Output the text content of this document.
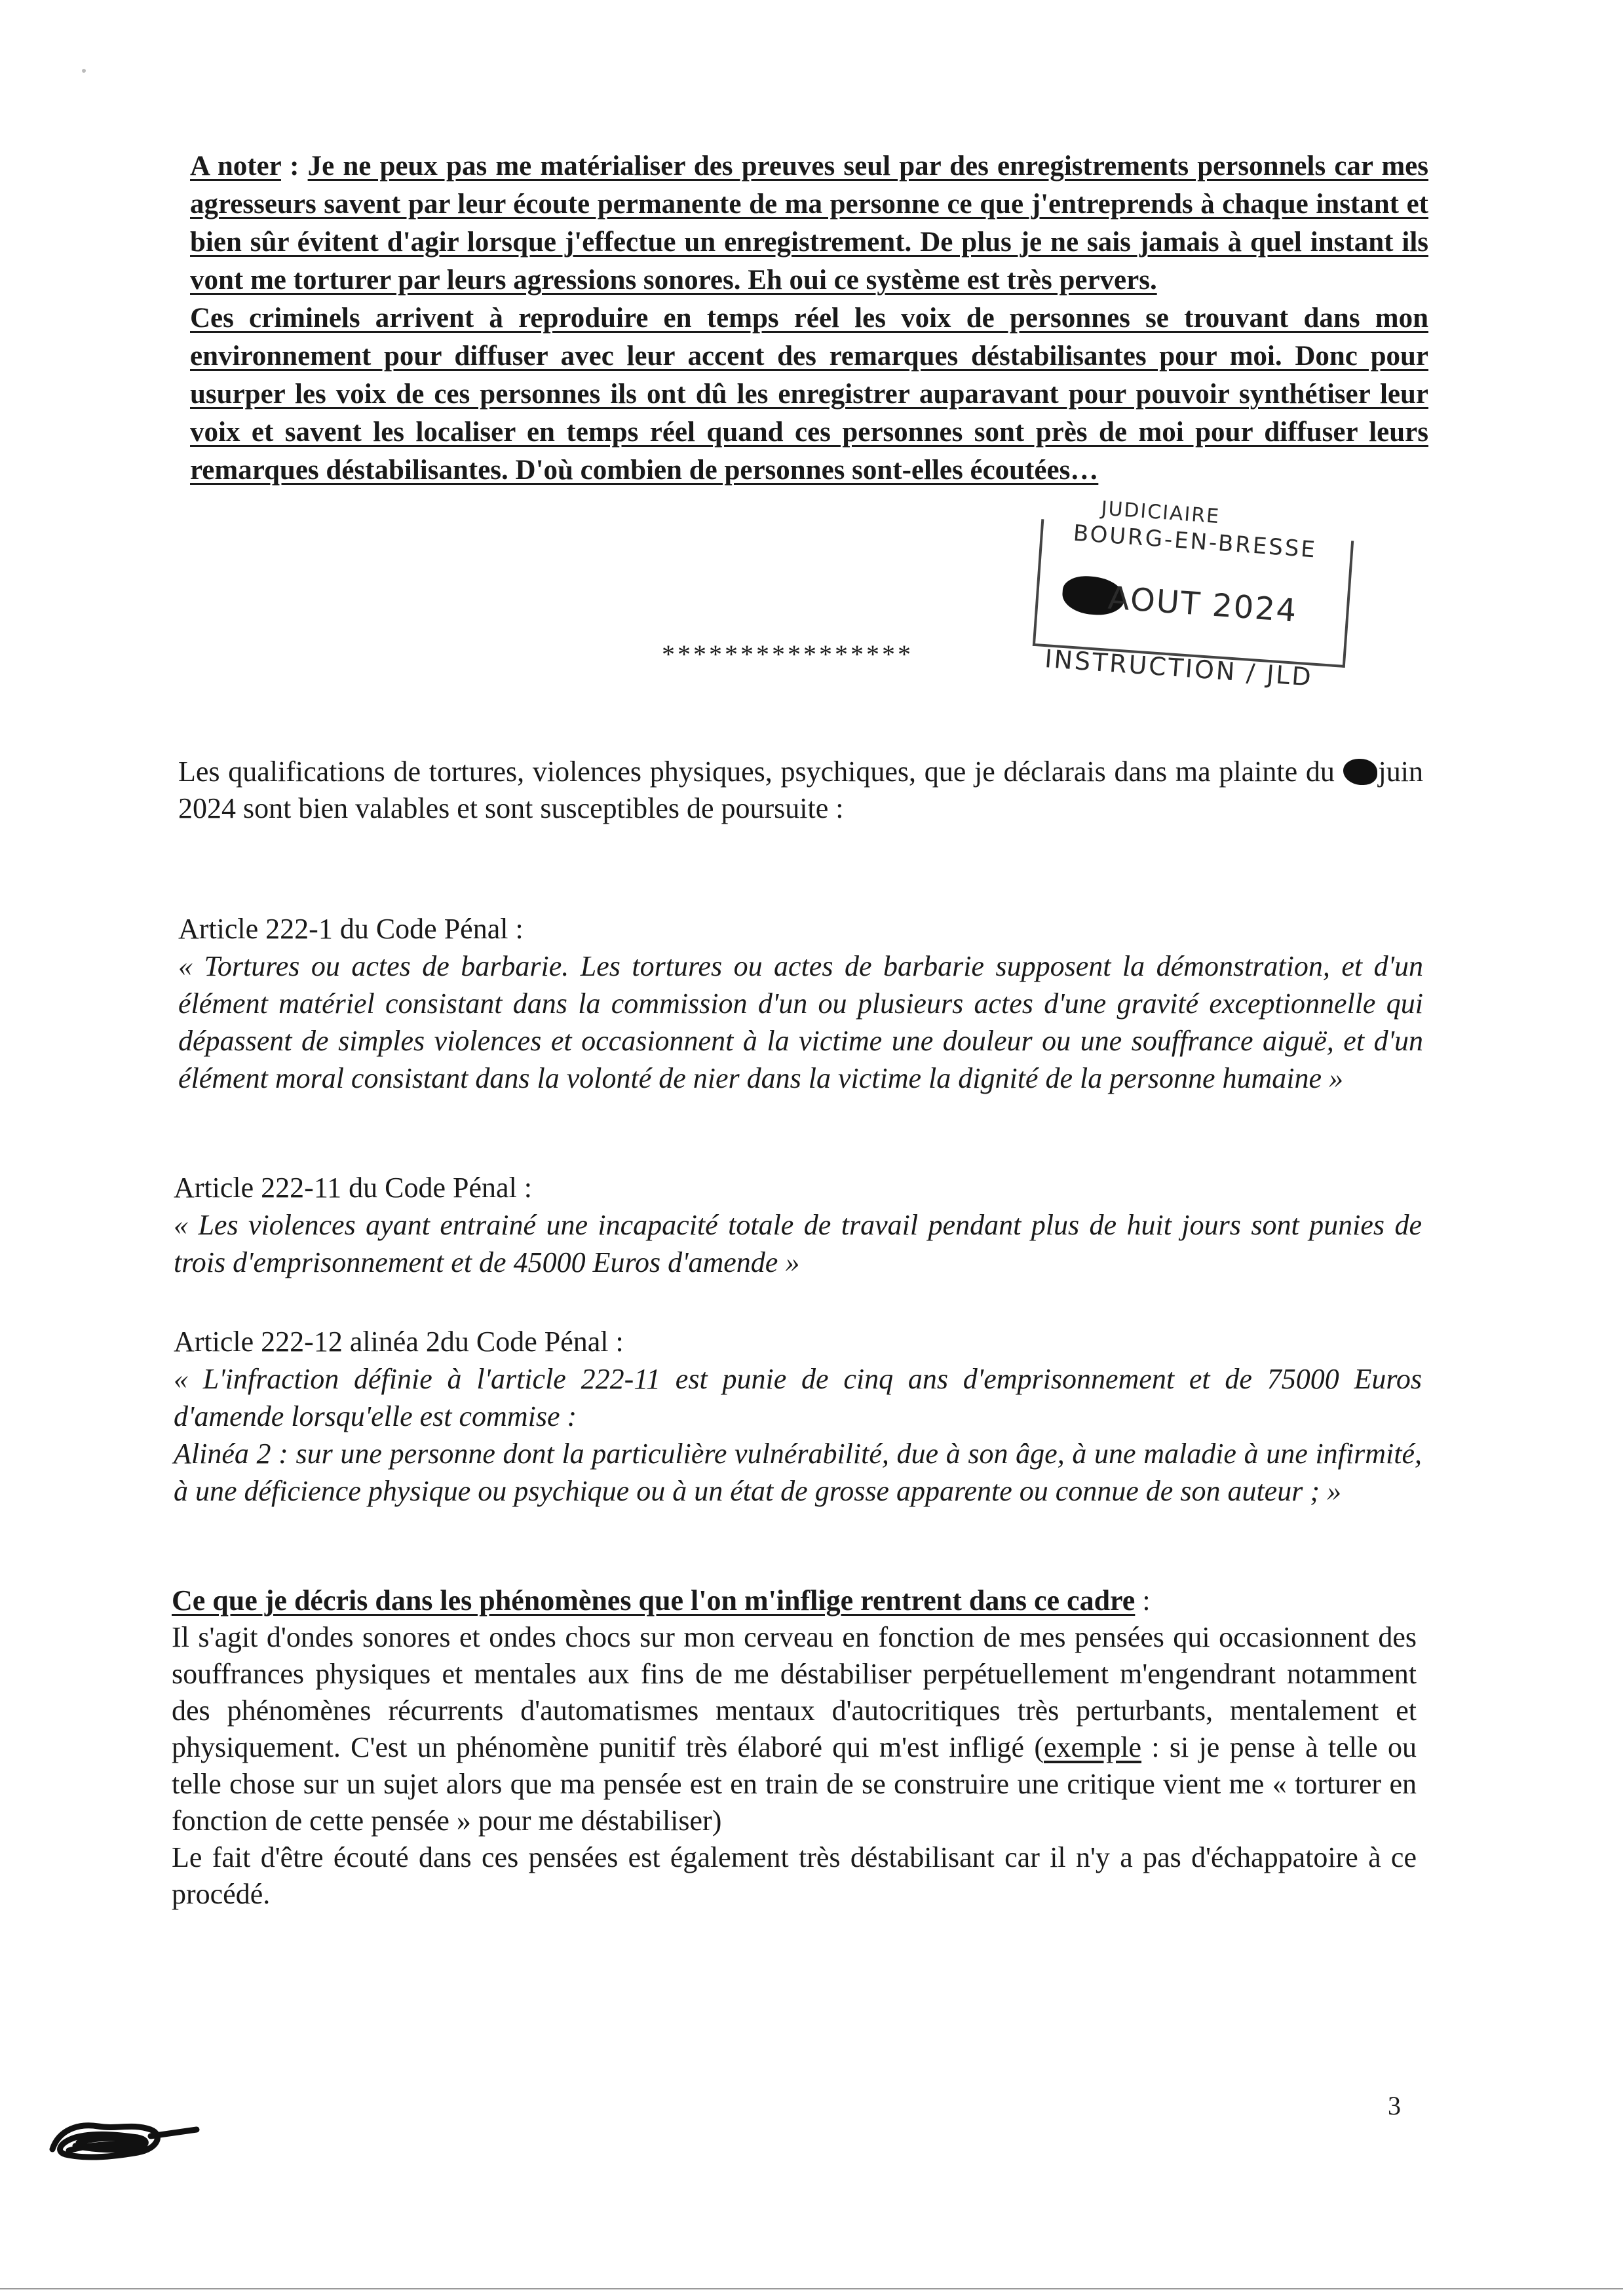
A noter : Je ne peux pas me matérialiser des preuves seul par des enregistrements personnels car mes agresseurs savent par leur écoute permanente de ma personne ce que j'entreprends à chaque instant et bien sûr évitent d'agir lorsque j'effectue un enregistrement. De plus je ne sais jamais à quel instant ils vont me torturer par leurs agressions sonores. Eh oui ce système est très pervers.

Ces criminels arrivent à reproduire en temps réel les voix de personnes se trouvant dans mon environnement pour diffuser avec leur accent des remarques déstabilisantes pour moi. Donc pour usurper les voix de ces personnes ils ont dû les enregistrer auparavant pour pouvoir synthétiser leur voix et savent les localiser en temps réel quand ces personnes sont près de moi pour diffuser leurs remarques déstabilisantes. D'où combien de personnes sont-elles écoutées…

JUDICIAIRE
BOURG-EN-BRESSE
AOUT 2024
INSTRUCTION / JLD
****************

Les qualifications de tortures, violences physiques, psychiques, que je déclarais dans ma plainte du juin 2024 sont bien valables et sont susceptibles de poursuite :

Article 222-1 du Code Pénal :

« Tortures ou actes de barbarie. Les tortures ou actes de barbarie supposent la démonstration, et d'un élément matériel consistant dans la commission d'un ou plusieurs actes d'une gravité exceptionnelle qui dépassent de simples violences et occasionnent à la victime une douleur ou une souffrance aiguë, et d'un élément moral consistant dans la volonté de nier dans la victime la dignité de la personne humaine »

Article 222-11 du Code Pénal :

« Les violences ayant entrainé une incapacité totale de travail pendant plus de huit jours sont punies de trois d'emprisonnement et de 45000 Euros d'amende »

Article 222-12 alinéa 2du Code Pénal :

« L'infraction définie à l'article 222-11 est punie de cinq ans d'emprisonnement et de 75000 Euros d'amende lorsqu'elle est commise :

Alinéa 2 : sur une personne dont la particulière vulnérabilité, due à son âge, à une maladie à une infirmité, à une déficience physique ou psychique ou à un état de grosse apparente ou connue de son auteur ; »

Ce que je décris dans les phénomènes que l'on m'inflige rentrent dans ce cadre :

Il s'agit d'ondes sonores et ondes chocs sur mon cerveau en fonction de mes pensées qui occasionnent des souffrances physiques et mentales aux fins de me déstabiliser perpétuellement m'engendrant notamment des phénomènes récurrents d'automatismes mentaux d'autocritiques très perturbants, mentalement et physiquement. C'est un phénomène punitif très élaboré qui m'est infligé (exemple : si je pense à telle ou telle chose sur un sujet alors que ma pensée est en train de se construire une critique vient me « torturer en fonction de cette pensée » pour me déstabiliser)

Le fait d'être écouté dans ces pensées est également très déstabilisant car il n'y a pas d'échappatoire à ce procédé.

3
